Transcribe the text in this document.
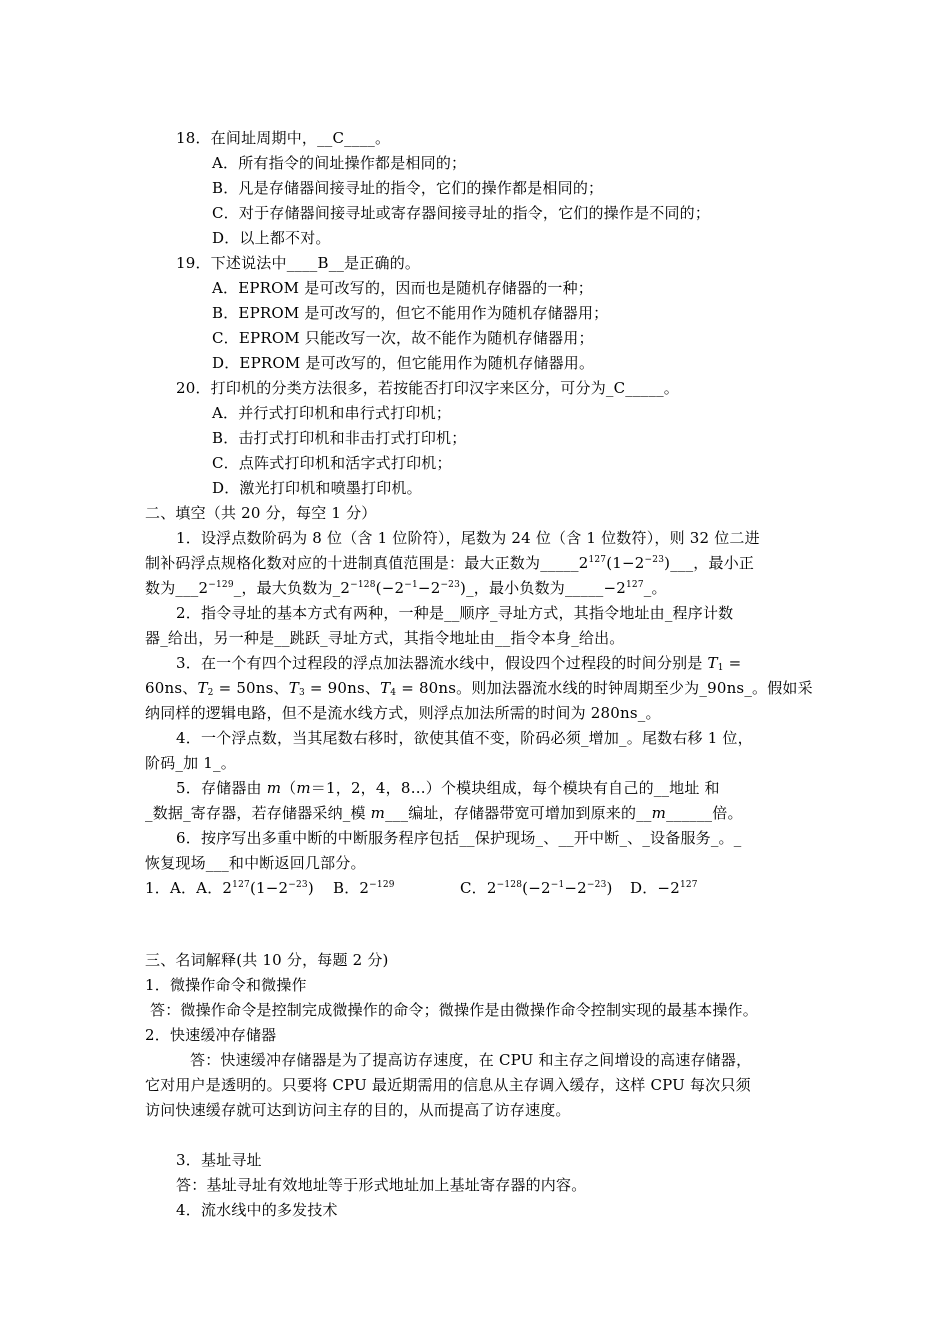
18．在间址周期中，__C____。
A．所有指令的间址操作都是相同的；
B．凡是存储器间接寻址的指令，它们的操作都是相同的；
C．对于存储器间接寻址或寄存器间接寻址的指令，它们的操作是不同的；
D．以上都不对。
19．下述说法中____B__是正确的。
A．EPROM 是可改写的，因而也是随机存储器的一种；
B．EPROM 是可改写的，但它不能用作为随机存储器用；
C．EPROM 只能改写一次，故不能作为随机存储器用；
D．EPROM 是可改写的，但它能用作为随机存储器用。
20．打印机的分类方法很多，若按能否打印汉字来区分，可分为_C_____。
A．并行式打印机和串行式打印机；
B．击打式打印机和非击打式打印机；
C．点阵式打印机和活字式打印机；
D．激光打印机和喷墨打印机。
二、填空（共 20 分，每空 1 分）
1．设浮点数阶码为 8 位（含 1 位阶符），尾数为 24 位（含 1 位数符），则 32 位二进
制补码浮点规格化数对应的十进制真值范围是：最大正数为$\_\_\_\_\_2^{127}(1-2^{-23})\_\_\_$，最小正
数为$\_\_\_2^{-129}\_$，最大负数为$\_2^{-128}(-2^{-1}-2^{-23})\_$，最小负数为$\_\_\_\_\_-2^{127}\_$。
2．指令寻址的基本方式有两种，一种是__顺序_寻址方式，其指令地址由_程序计数
器_给出，另一种是__跳跃_寻址方式，其指令地址由__指令本身_给出。
3．在一个有四个过程段的浮点加法器流水线中，假设四个过程段的时间分别是 $T_1$ =
60ns、$T_2 = 50ns$、$T_3 = 90ns$、$T_4 = 80ns$。则加法器流水线的时钟周期至少为_90ns_。假如采
纳同样的逻辑电路，但不是流水线方式，则浮点加法所需的时间为 280ns_。
4．一个浮点数，当其尾数右移时，欲使其值不变，阶码必须_增加_。尾数右移 1 位，
阶码_加 1_。
5．存储器由 m（m＝1，2，4，8…）个模块组成，每个模块有自己的__地址 和
_数据_寄存器，若存储器采纳_模 m___编址，存储器带宽可增加到原来的__m______倍。
6．按序写出多重中断的中断服务程序包括__保护现场_、__开中断_、_设备服务_。_
恢复现场___和中断返回几部分。
1．A．A．$2^{127}(1-2^{-23})$ B．$2^{-129}$	C．$2^{-128}(-2^{-1}-2^{-23})$ D．$-2^{127}$
三、名词解释(共 10 分，每题 2 分)
1．微操作命令和微操作
答：微操作命令是控制完成微操作的命令；微操作是由微操作命令控制实现的最基本操作。
2．快速缓冲存储器
答：快速缓冲存储器是为了提高访存速度，在 CPU 和主存之间增设的高速存储器，
它对用户是透明的。只要将 CPU 最近期需用的信息从主存调入缓存，这样 CPU 每次只须
访问快速缓存就可达到访问主存的目的，从而提高了访存速度。
3．基址寻址
答：基址寻址有效地址等于形式地址加上基址寄存器的内容。
4．流水线中的多发技术
